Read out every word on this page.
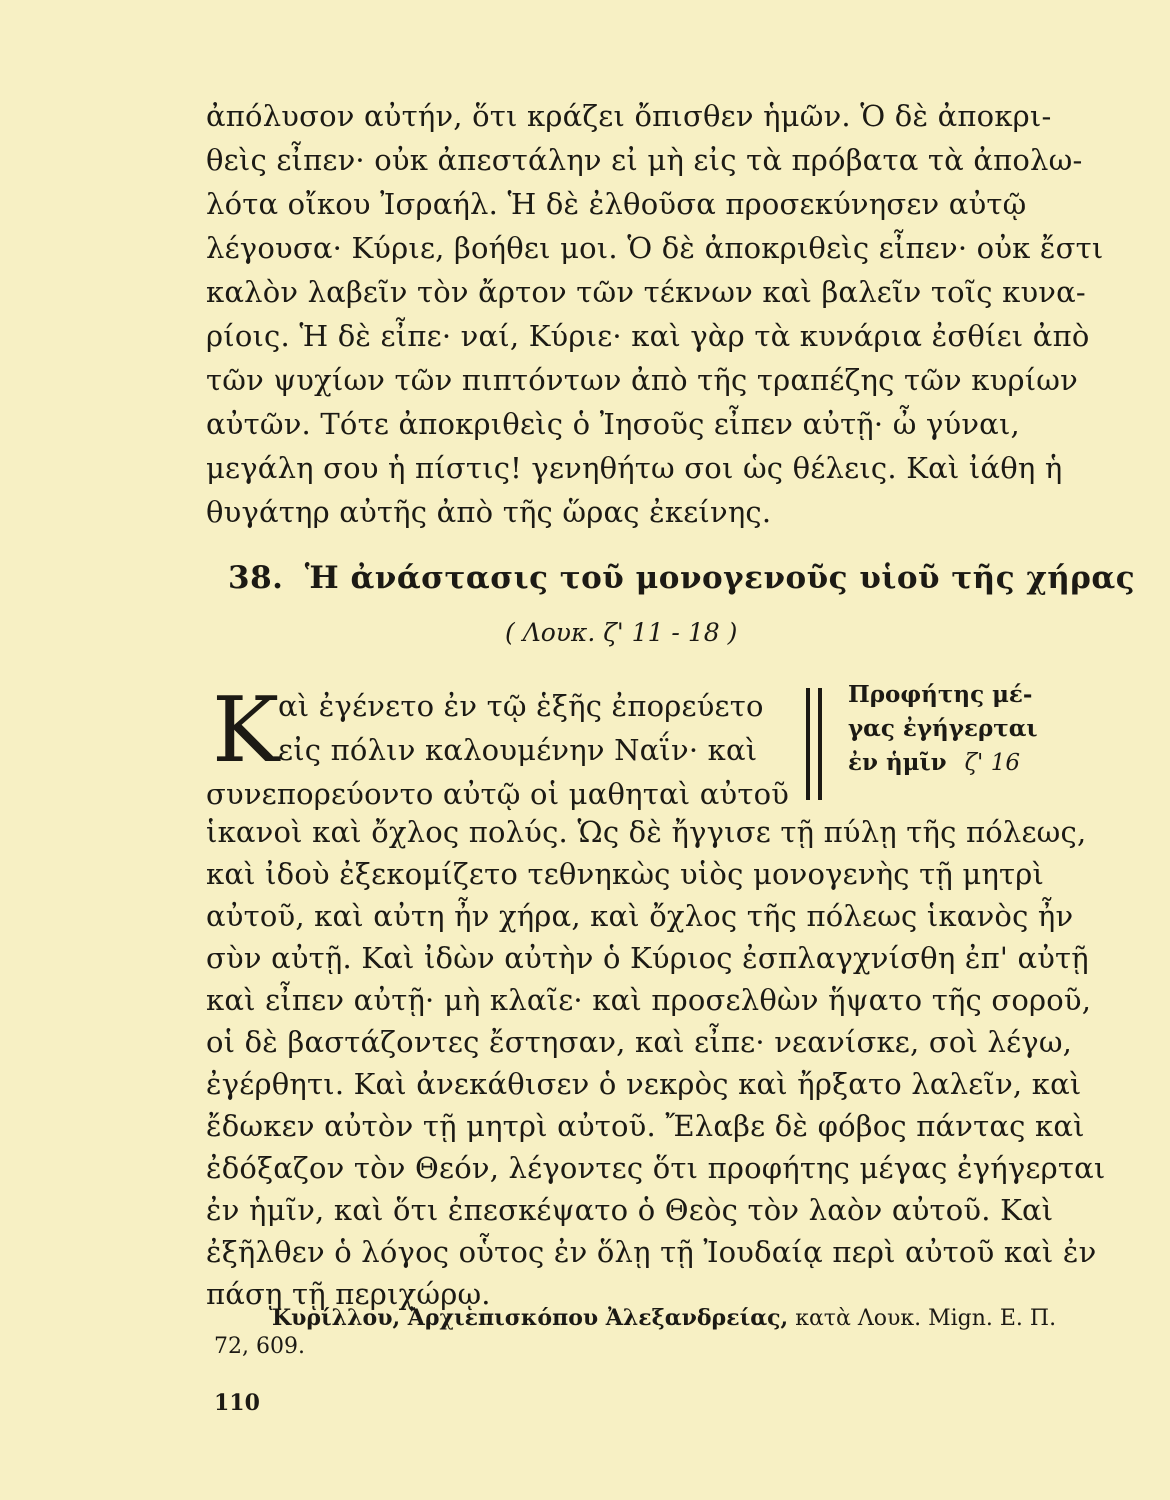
ἀπόλυσον αὐτήν, ὅτι κράζει ὄπισθεν ἡμῶν. Ὁ δὲ ἀποκρι-
θεὶς εἶπεν· οὐκ ἀπεστάλην εἰ μὴ εἰς τὰ πρόβατα τὰ ἀπολω-
λότα οἴκου Ἰσραήλ. Ἡ δὲ ἐλθοῦσα προσεκύνησεν αὐτῷ
λέγουσα· Κύριε, βοήθει μοι. Ὁ δὲ ἀποκριθεὶς εἶπεν· οὐκ ἔστι
καλὸν λαβεῖν τὸν ἄρτον τῶν τέκνων καὶ βαλεῖν τοῖς κυνα-
ρίοις. Ἡ δὲ εἶπε· ναί, Κύριε· καὶ γὰρ τὰ κυνάρια ἐσθίει ἀπὸ
τῶν ψυχίων τῶν πιπτόντων ἀπὸ τῆς τραπέζης τῶν κυρίων
αὐτῶν. Τότε ἀποκριθεὶς ὁ Ἰησοῦς εἶπεν αὐτῇ· ὦ γύναι,
μεγάλη σου ἡ πίστις! γενηθήτω σοι ὡς θέλεις. Καὶ ἰάθη ἡ
θυγάτηρ αὐτῆς ἀπὸ τῆς ὥρας ἐκείνης.
38. Ἡ ἀνάστασις τοῦ μονογενοῦς υἱοῦ τῆς χήρας
( Λουκ. ζ' 11 - 18 )
Κ
αὶ ἐγένετο ἐν τῷ ἑξῆς ἐπορεύετο
εἰς πόλιν καλουμένην Ναΐν· καὶ
συνεπορεύοντο αὐτῷ οἱ μαθηταὶ αὐτοῦ
Προφήτης μέ-
γας ἐγήγερται
ἐν ἡμῖν ζ' 16
ἱκανοὶ καὶ ὄχλος πολύς. Ὡς δὲ ἤγγισε τῇ πύλῃ τῆς πόλεως,
καὶ ἰδοὺ ἐξεκομίζετο τεθνηκὼς υἱὸς μονογενὴς τῇ μητρὶ
αὐτοῦ, καὶ αὐτη ἦν χήρα, καὶ ὄχλος τῆς πόλεως ἱκανὸς ἦν
σὺν αὐτῇ. Καὶ ἰδὼν αὐτὴν ὁ Κύριος ἐσπλαγχνίσθη ἐπ' αὐτῇ
καὶ εἶπεν αὐτῇ· μὴ κλαῖε· καὶ προσελθὼν ἥψατο τῆς σοροῦ,
οἱ δὲ βαστάζοντες ἔστησαν, καὶ εἶπε· νεανίσκε, σοὶ λέγω,
ἐγέρθητι. Καὶ ἀνεκάθισεν ὁ νεκρὸς καὶ ἤρξατο λαλεῖν, καὶ
ἔδωκεν αὐτὸν τῇ μητρὶ αὐτοῦ. Ἔλαβε δὲ φόβος πάντας καὶ
ἐδόξαζον τὸν Θεόν, λέγοντες ὅτι προφήτης μέγας ἐγήγερται
ἐν ἡμῖν, καὶ ὅτι ἐπεσκέψατο ὁ Θεὸς τὸν λαὸν αὐτοῦ. Καὶ
ἐξῆλθεν ὁ λόγος οὗτος ἐν ὅλῃ τῇ Ἰουδαίᾳ περὶ αὐτοῦ καὶ ἐν
πάσῃ τῇ περιχώρῳ.
Κυρίλλου, Ἀρχιεπισκόπου Ἀλεξανδρείας, κατὰ Λουκ. Mign. Ε. Π.
72, 609.
110
